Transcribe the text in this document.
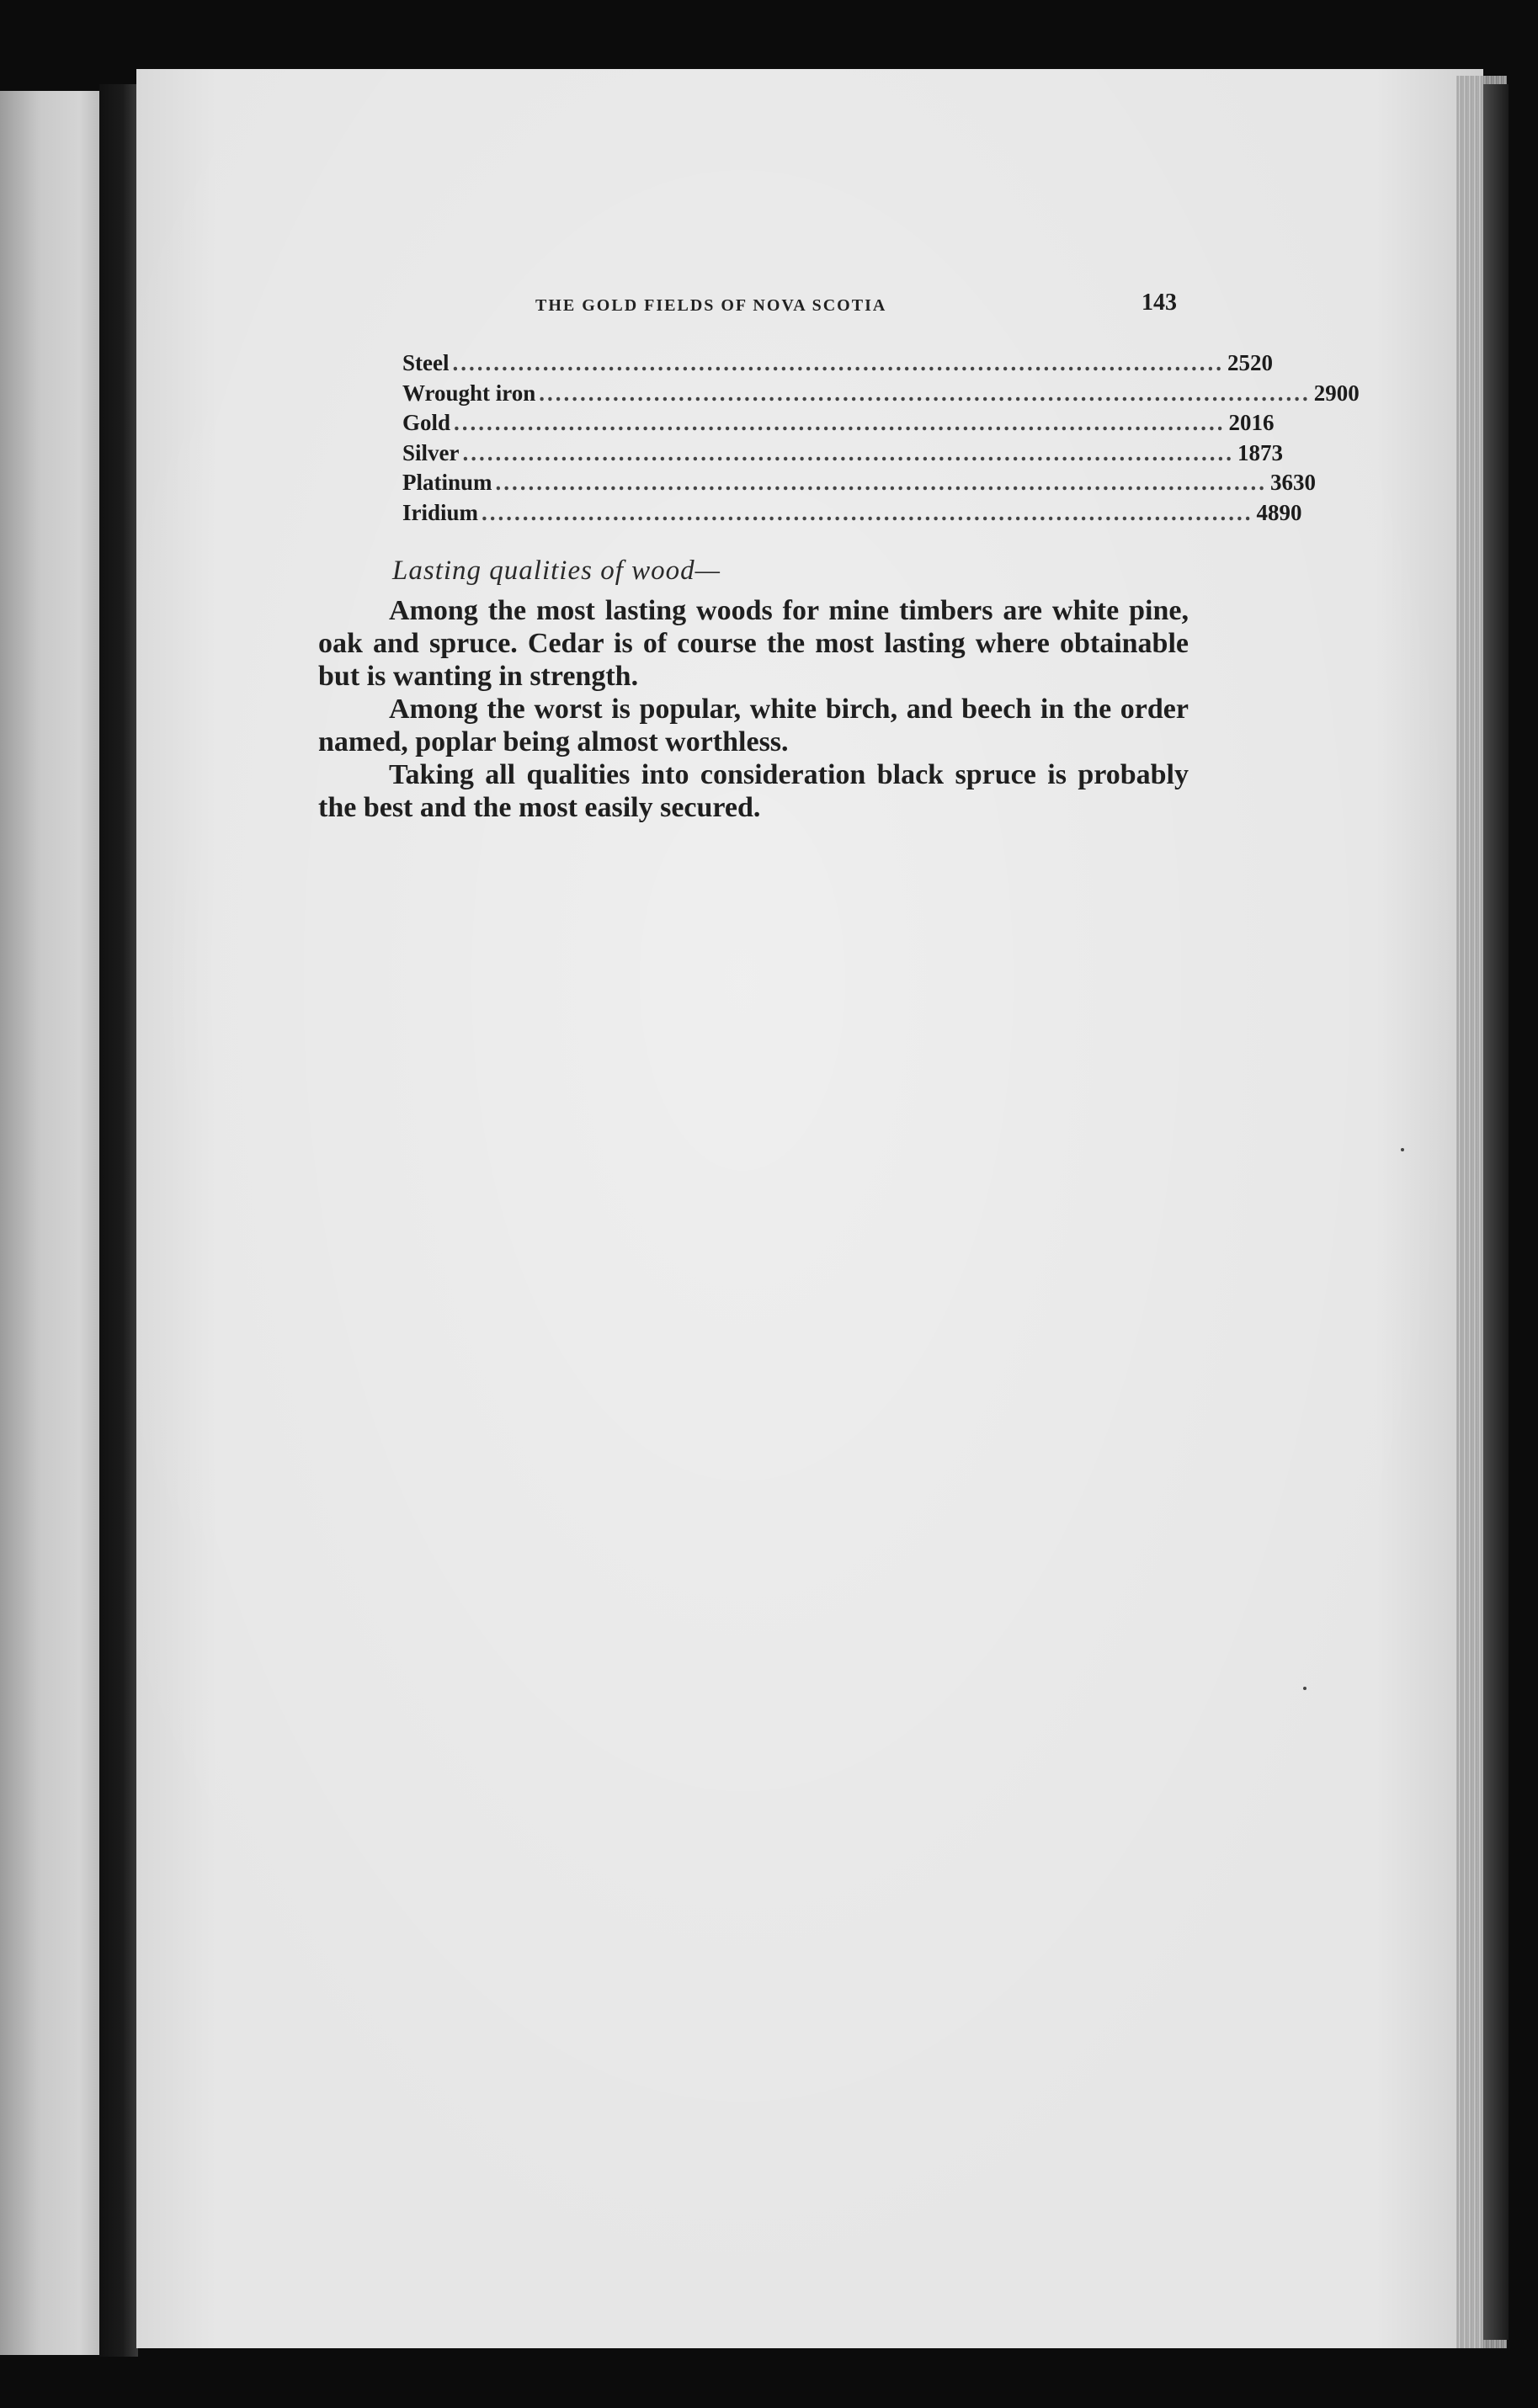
THE GOLD FIELDS OF NOVA SCOTIA	143
Steel .............................................................................................. 2520
Wrought iron .............................................................................................. 2900
Gold .............................................................................................. 2016
Silver .............................................................................................. 1873
Platinum .............................................................................................. 3630
Iridium .............................................................................................. 4890
Lasting qualities of wood—

Among the most lasting woods for mine timbers are white pine, oak and spruce. Cedar is of course the most lasting where obtainable but is wanting in strength.

Among the worst is popular, white birch, and beech in the order named, poplar being almost worthless.

Taking all qualities into consideration black spruce is probably the best and the most easily secured.
